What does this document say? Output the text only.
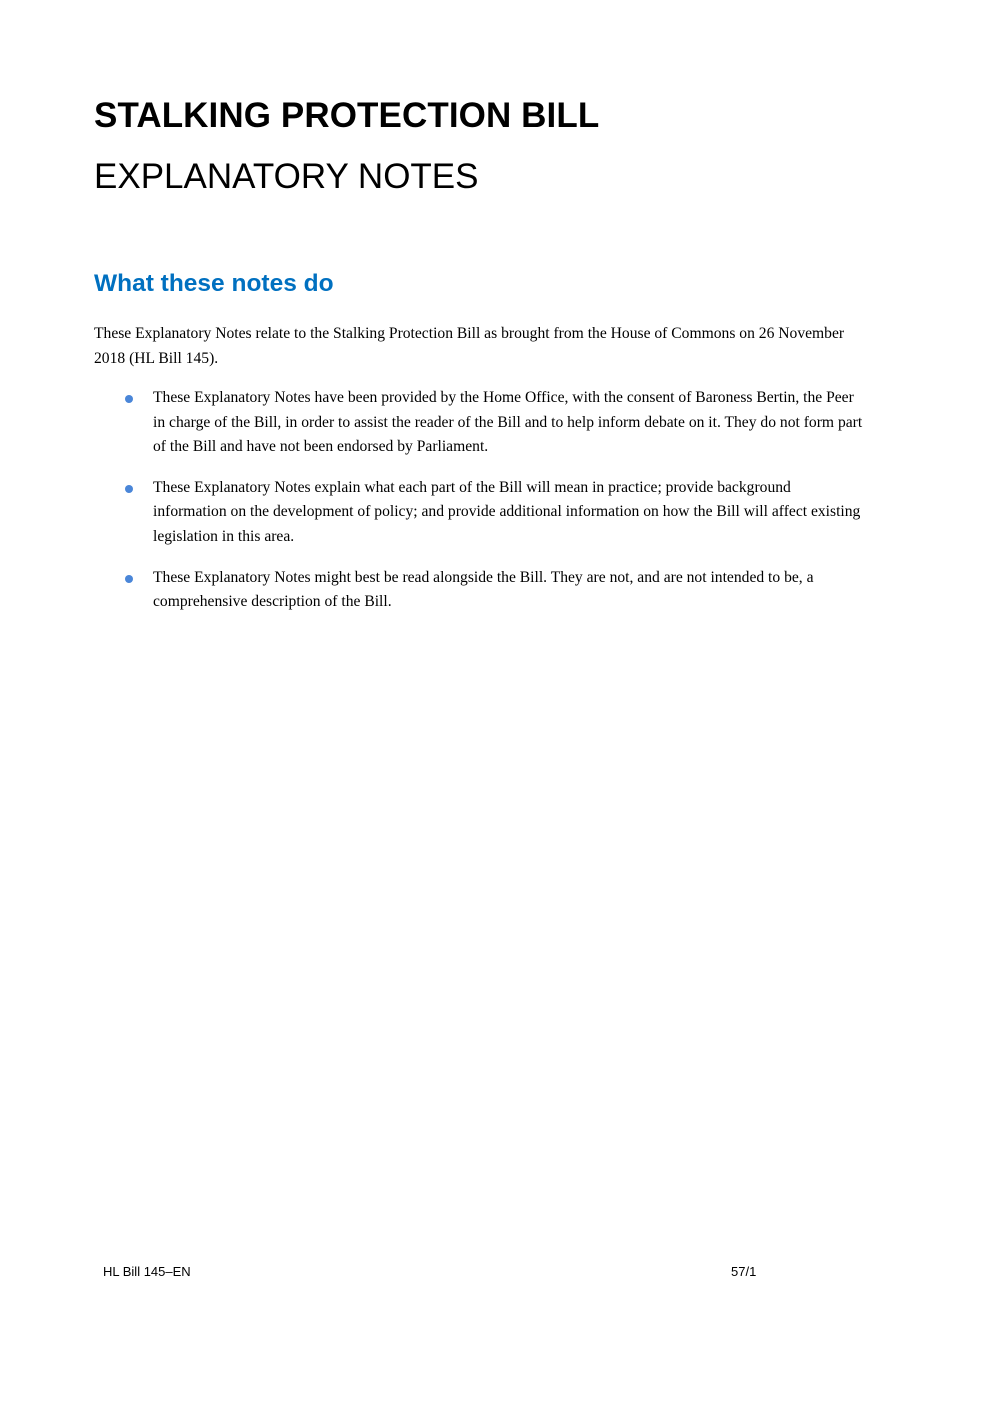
STALKING PROTECTION BILL
EXPLANATORY NOTES
What these notes do

These Explanatory Notes relate to the Stalking Protection Bill as brought from the House of Commons on 26 November 2018 (HL Bill 145).

These Explanatory Notes have been provided by the Home Office, with the consent of Baroness Bertin, the Peer in charge of the Bill, in order to assist the reader of the Bill and to help inform debate on it. They do not form part of the Bill and have not been endorsed by Parliament.
These Explanatory Notes explain what each part of the Bill will mean in practice; provide background information on the development of policy; and provide additional information on how the Bill will affect existing legislation in this area.
These Explanatory Notes might best be read alongside the Bill. They are not, and are not intended to be, a comprehensive description of the Bill.
HL Bill 145–EN	57/1
